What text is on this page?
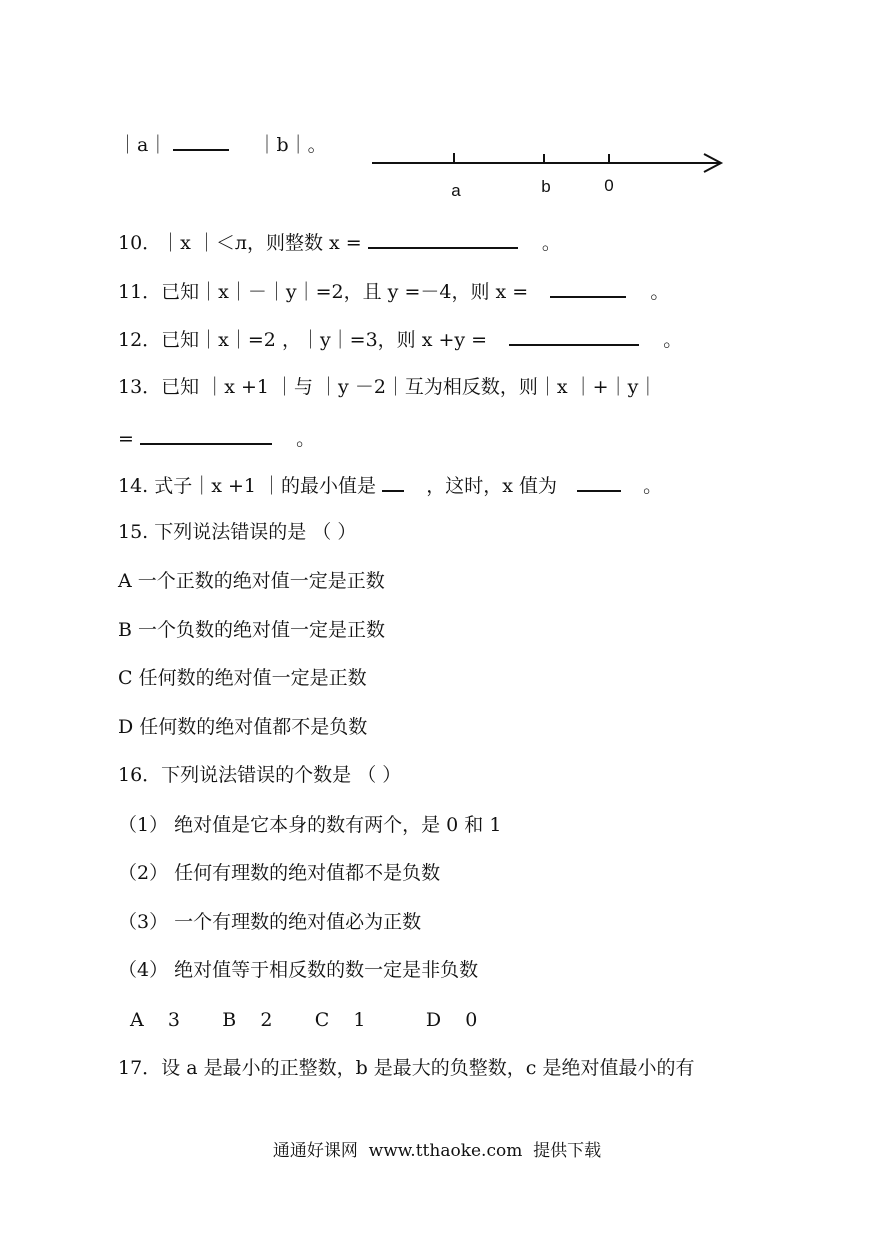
｜a｜	｜b｜。
a	b	0
10．｜x ｜＜л，则整数 x =	。
11．已知｜x｜－｜y｜=2，且 y =－4，则 x =	。
12．已知｜x｜=2 ，｜y｜=3，则 x +y =	。
13．已知 ｜x +1 ｜与 ｜y －2｜互为相反数，则｜x ｜+｜y｜
=	。
14. 式子｜x +1 ｜的最小值是	，这时，x 值为	。
15. 下列说法错误的是 （ ）
A 一个正数的绝对值一定是正数
B 一个负数的绝对值一定是正数
C 任何数的绝对值一定是正数
D 任何数的绝对值都不是负数
16．下列说法错误的个数是 （ ）
（1） 绝对值是它本身的数有两个，是 0 和 1
（2） 任何有理数的绝对值都不是负数
（3） 一个有理数的绝对值必为正数
（4） 绝对值等于相反数的数一定是非负数
A    3       B    2       C    1          D    0
17．设 a 是最小的正整数，b 是最大的负整数，c 是绝对值最小的有
通通好课网  www.tthaoke.com  提供下载
